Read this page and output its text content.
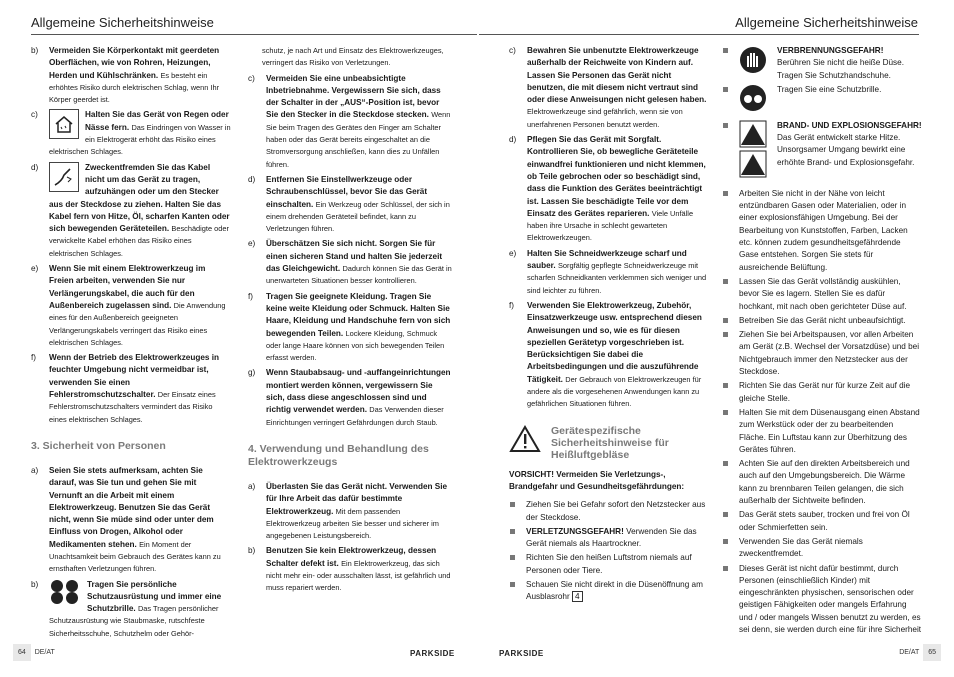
Allgemeine Sicherheitshinweise	Allgemeine Sicherheitshinweise
b) Vermeiden Sie Körperkontakt mit geerdeten Oberflächen, wie von Rohren, Heizungen, Herden und Kühlschränken. Es besteht ein erhöhtes Risiko durch elektrischen Schlag, wenn Ihr Körper geerdet ist.
c)	Halten Sie das Gerät von Regen oder Nässe fern. Das Eindringen von Wasser in ein Elektrogerät erhöht das Risiko eines elektrischen Schlages.
d)	Zweckentfremden Sie das Kabel nicht um das Gerät zu tragen, aufzuhängen oder um den Stecker aus der Steckdose zu ziehen. Halten Sie das Kabel fern von Hitze, Öl, scharfen Kanten oder sich bewegenden Geräteteilen. Beschädigte oder verwickelte Kabel erhöhen das Risiko eines elektrischen Schlages.
e) Wenn Sie mit einem Elektrowerkzeug im Freien arbeiten, verwenden Sie nur Verlängerungskabel, die auch für den Außenbereich zugelassen sind. Die Anwendung eines für den Außenbereich geeigneten Verlängerungskabels verringert das Risiko eines elektrischen Schlages.
f) Wenn der Betrieb des Elektrowerkzeuges in feuchter Umgebung nicht vermeidbar ist, verwenden Sie einen Fehlerstromschutzschalter. Der Einsatz eines Fehlerstromschutzschalters vermindert das Risiko eines elektrischen Schlages.
3. Sicherheit von Personen
a) Seien Sie stets aufmerksam, achten Sie darauf, was Sie tun und gehen Sie mit Vernunft an die Arbeit mit einem Elektrowerkzeug. Benutzen Sie das Gerät nicht, wenn Sie müde sind oder unter dem Einfluss von Drogen, Alkohol oder Medikamenten stehen. Ein Moment der Unachtsamkeit beim Gebrauch des Gerätes kann zu ernsthaften Verletzungen führen.
b)	Tragen Sie persönliche Schutzausrüstung und immer eine Schutzbrille. Das Tragen persönlicher Schutzausrüstung wie Staubmaske, rutschfeste Sicherheitsschuhe, Schutzhelm oder Gehör-
schutz, je nach Art und Einsatz des Elektrowerkzeuges, verringert das Risiko von Verletzungen.
c) Vermeiden Sie eine unbeabsichtigte Inbetriebnahme. Vergewissern Sie sich, dass der Schalter in der „AUS“-Position ist, bevor Sie den Stecker in die Steckdose stecken. Wenn Sie beim Tragen des Gerätes den Finger am Schalter haben oder das Gerät bereits eingeschaltet an die Stromversorgung anschließen, kann dies zu Unfällen führen.
d) Entfernen Sie Einstellwerkzeuge oder Schraubenschlüssel, bevor Sie das Gerät einschalten. Ein Werkzeug oder Schlüssel, der sich in einem drehenden Geräteteil befindet, kann zu Verletzungen führen.
e) Überschätzen Sie sich nicht. Sorgen Sie für einen sicheren Stand und halten Sie jederzeit das Gleichgewicht. Dadurch können Sie das Gerät in unerwarteten Situationen besser kontrollieren.
f) Tragen Sie geeignete Kleidung. Tragen Sie keine weite Kleidung oder Schmuck. Halten Sie Haare, Kleidung und Handschuhe fern von sich bewegenden Teilen. Lockere Kleidung, Schmuck oder lange Haare können von sich bewegenden Teilen erfasst werden.
g) Wenn Staubabsaug- und -auffangeinrichtungen montiert werden können, vergewissern Sie sich, dass diese angeschlossen sind und richtig verwendet werden. Das Verwenden dieser Einrichtungen verringert Gefährdungen durch Staub.
4. Verwendung und Behandlung des Elektrowerkzeugs
a) Überlasten Sie das Gerät nicht. Verwenden Sie für Ihre Arbeit das dafür bestimmte Elektrowerkzeug. Mit dem passenden Elektrowerkzeug arbeiten Sie besser und sicherer im angegebenen Leistungsbereich.
b) Benutzen Sie kein Elektrowerkzeug, dessen Schalter defekt ist. Ein Elektrowerkzeug, das sich nicht mehr ein- oder ausschalten lässt, ist gefährlich und muss repariert werden.
c) Bewahren Sie unbenutzte Elektrowerkzeuge außerhalb der Reichweite von Kindern auf. Lassen Sie Personen das Gerät nicht benutzen, die mit diesem nicht vertraut sind oder diese Anweisungen nicht gelesen haben. Elektrowerkzeuge sind gefährlich, wenn sie von unerfahrenen Personen benutzt werden.
d) Pflegen Sie das Gerät mit Sorgfalt. Kontrollieren Sie, ob bewegliche Geräteteile einwandfrei funktionieren und nicht klemmen, ob Teile gebrochen oder so beschädigt sind, dass die Funktion des Gerätes beeinträchtigt ist. Lassen Sie beschädigte Teile vor dem Einsatz des Gerätes reparieren. Viele Unfälle haben ihre Ursache in schlecht gewarteten Elektrowerkzeugen.
e) Halten Sie Schneidwerkzeuge scharf und sauber. Sorgfältig gepflegte Schneidwerkzeuge mit scharfen Schneidkanten verklemmen sich weniger und sind leichter zu führen.
f) Verwenden Sie Elektrowerkzeug, Zubehör, Einsatzwerkzeuge usw. entsprechend diesen Anweisungen und so, wie es für diesen speziellen Gerätetyp vorgeschrieben ist. Berücksichtigen Sie dabei die Arbeitsbedingungen und die auszuführende Tätigkeit. Der Gebrauch von Elektrowerkzeugen für andere als die vorgesehenen Anwendungen kann zu gefährlichen Situationen führen.
Gerätespezifische Sicherheitshinweise für Heißluftgebläse
VORSICHT! Vermeiden Sie Verletzungs-, Brandgefahr und Gesundheitsgefährdungen:
Ziehen Sie bei Gefahr sofort den Netzstecker aus der Steckdose.
VERLETZUNGSGEFAHR! Verwenden Sie das Gerät niemals als Haartrockner.
Richten Sie den heißen Luftstrom niemals auf Personen oder Tiere.
Schauen Sie nicht direkt in die Düsenöffnung am Ausblasrohr 4
VERBRENNUNGSGEFAHR!
Berühren Sie nicht die heiße Düse.
Tragen Sie Schutzhandschuhe.
Tragen Sie eine Schutzbrille.
BRAND- UND EXPLOSIONSGEFAHR!
Das Gerät entwickelt starke Hitze.
Unsorgsamer Umgang bewirkt eine erhöhte Brand- und Explosionsgefahr.
Arbeiten Sie nicht in der Nähe von leicht entzündbaren Gasen oder Materialien, oder in einer explosionsfähigen Umgebung. Bei der Bearbeitung von Kunststoffen, Farben, Lacken etc. können zudem gesundheitsgefährdende Gase entstehen. Sorgen Sie stets für ausreichende Belüftung.
Lassen Sie das Gerät vollständig auskühlen, bevor Sie es lagern. Stellen Sie es dafür hochkant, mit nach oben gerichteter Düse auf.
Betreiben Sie das Gerät nicht unbeaufsichtigt.
Ziehen Sie bei Arbeitspausen, vor allen Arbeiten am Gerät (z.B. Wechsel der Vorsatzdüse) und bei Nichtgebrauch immer den Netzstecker aus der Steckdose.
Richten Sie das Gerät nur für kurze Zeit auf die gleiche Stelle.
Halten Sie mit dem Düsenausgang einen Abstand zum Werkstück oder der zu bearbeitenden Fläche. Ein Luftstau kann zur Überhitzung des Gerätes führen.
Achten Sie auf den direkten Arbeitsbereich und auch auf den Umgebungsbereich. Die Wärme kann zu brennbaren Teilen gelangen, die sich außerhalb der Sichtweite befinden.
Das Gerät stets sauber, trocken und frei von Öl oder Schmierfetten sein.
Verwenden Sie das Gerät niemals zweckentfremdet.
Dieses Gerät ist nicht dafür bestimmt, durch Personen (einschließlich Kinder) mit eingeschränkten physischen, sensorischen oder geistigen Fähigkeiten oder mangels Erfahrung und / oder mangels Wissen benutzt zu werden, es sei denn, sie werden durch eine für ihre Sicherheit
64 DE/AT	PARKSIDE	PARKSIDE	DE/AT 65
